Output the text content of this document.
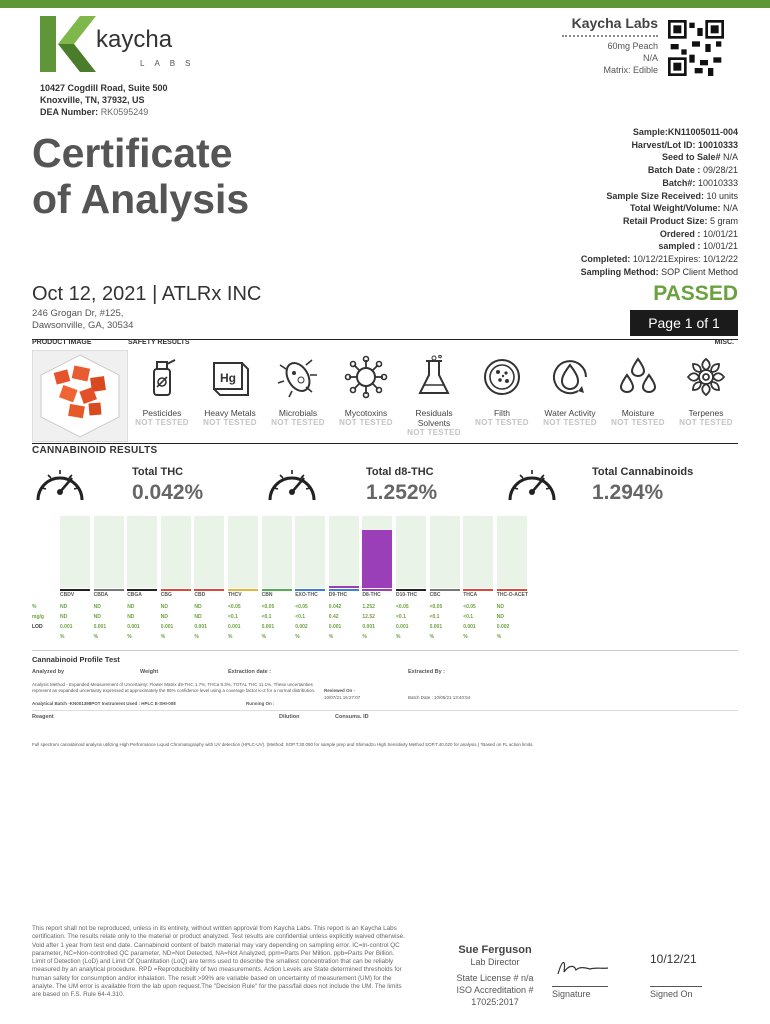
kaycha
LABS
Kaycha Labs
60mg Peach
N/A
Matrix: Edible
10427 Cogdill Road, Suite 500
Knoxville, TN, 37932, US
DEA Number: RK0595249
Certificate
of Analysis
Sample:KN11005011-004
Harvest/Lot ID: 10010333
Seed to Sale# N/A
Batch Date : 09/28/21
Batch#: 10010333
Sample Size Received: 10 units
Total Weight/Volume: N/A
Retail Product Size: 5 gram
Ordered : 10/01/21
sampled : 10/01/21
Completed: 10/12/21Expires: 10/12/22
Sampling Method: SOP Client Method
Oct 12, 2021 | ATLRx INC
246 Grogan Dr, #125,
Dawsonville, GA, 30534
PASSED
Page 1 of 1
PRODUCT IMAGE	SAFETY RESULTS	MISC.
Pesticides
NOT TESTED
Hg
Heavy Metals
NOT TESTED
Microbials
NOT TESTED
Mycotoxins
NOT TESTED
Residuals Solvents
NOT TESTED
Filth
NOT TESTED
Water Activity
NOT TESTED
Moisture
NOT TESTED
Terpenes
NOT TESTED
CANNABINOID RESULTS
Total THC
0.042%
Total d8-THC
1.252%
Total Cannabinoids
1.294%
CBDV	CBDA	CBGA	CBG	CBD	THCV	CBN	EXO-THC	D9-THC	D8-THC	D10-THC	CBC	THCA	THC-O-ACET
%	ND	ND	ND	ND	ND	<0.05	<0.05	<0.05	0.042	1.252	<0.05	<0.05	<0.05	ND
mg/g	ND	ND	ND	ND	ND	<0.1	<0.1	<0.1	0.42	12.52	<0.1	<0.1	<0.1	ND
LOD	0.001	0.001	0.001	0.001	0.001	0.001	0.001	0.002	0.001	0.001	0.001	0.001	0.001	0.002
%	%	%	%	%	%	%	%	%	%	%	%	%	%
Cannabinoid Profile Test
Analyzed by	Weight	Extraction date :	Extracted By :
Analysis Method - Expanded Measurement of Uncertainty: Flower Matrix d9-THC 1.7%, THCa 9.3%, TOTAL THC 11.1%. These uncertainties represent an expanded uncertainty expressed at approximately the 95% confidence level using a coverage factor k=2 for a normal distribution.
Analytical Batch -KN001398POT Instrument Used : HPLC E-SHI-008	Running On :
Reviewed On -
10/07/21 16:27:07	Batch Date : 10/05/21 13:40:54
Reagent	Dilution	Consums. ID
Full spectrum cannabinoid analysis utilizing High Performance Liquid Chromatography with UV detection (HPLC-UV). (Method: SOP.T.30.050 for sample prep and Shimadzu High Sensitivity Method SOP.T.40.020 for analysis.) *Based on FL action limits.
This report shall not be reproduced, unless in its entirety, without written approval from Kaycha Labs. This report is an Kaycha Labs certification. The results relate only to the material or product analyzed. Test results are confidential unless explicitly waived otherwise. Void after 1 year from test end date. Cannabinoid content of batch material may vary depending on sampling error. IC=In-control QC parameter, NC=Non-controlled QC parameter, ND=Not Detected, NA=Not Analyzed, ppm=Parts Per Million, ppb=Parts Per Billion. Limit of Detection (LoD) and Limit Of Quantitation (LoQ) are terms used to describe the smallest concentration that can be reliably measured by an analytical procedure. RPD =Reproducibility of two measurements. Action Levels are State determined thresholds for human safety for consumption and/or inhalation. The result >99% are variable based on uncertainty of measurement (UM) for the analyte. The UM error is available from the lab upon request.The "Decision Rule" for the pass/fail does not include the UM. The limits are based on F.S. Rule 64-4.310.
Sue Ferguson
Lab Director
State License # n/a
ISO Accreditation #
17025:2017
Signature
10/12/21
Signed On
